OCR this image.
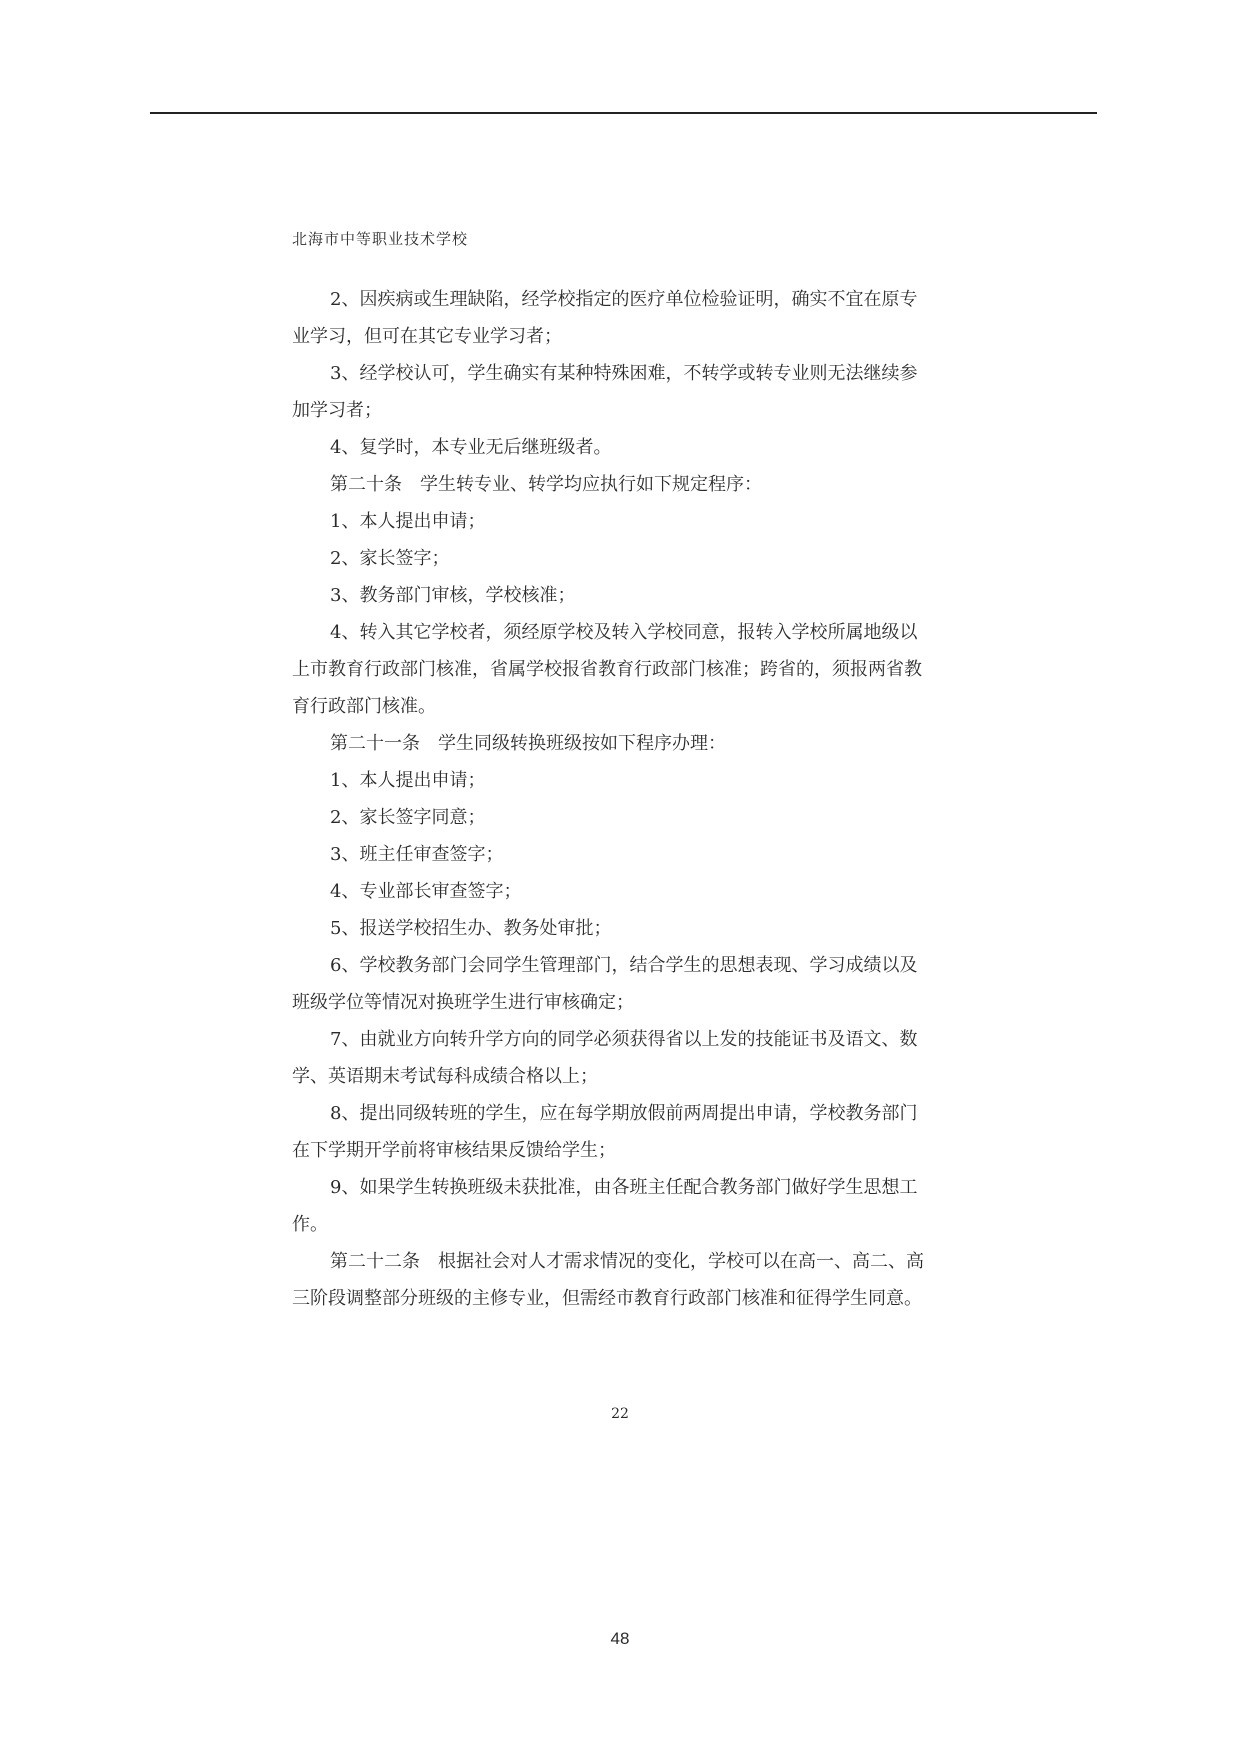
北海市中等职业技术学校

2、因疾病或生理缺陷，经学校指定的医疗单位检验证明，确实不宜在原专

业学习，但可在其它专业学习者；

3、经学校认可，学生确实有某种特殊困难，不转学或转专业则无法继续参

加学习者；

4、复学时，本专业无后继班级者。

第二十条　学生转专业、转学均应执行如下规定程序：

1、本人提出申请；

2、家长签字；

3、教务部门审核，学校核准；

4、转入其它学校者，须经原学校及转入学校同意，报转入学校所属地级以

上市教育行政部门核准，省属学校报省教育行政部门核准；跨省的，须报两省教

育行政部门核准。

第二十一条　学生同级转换班级按如下程序办理：

1、本人提出申请；

2、家长签字同意；

3、班主任审查签字；

4、专业部长审查签字；

5、报送学校招生办、教务处审批；

6、学校教务部门会同学生管理部门，结合学生的思想表现、学习成绩以及

班级学位等情况对换班学生进行审核确定；

7、由就业方向转升学方向的同学必须获得省以上发的技能证书及语文、数

学、英语期末考试每科成绩合格以上；

8、提出同级转班的学生，应在每学期放假前两周提出申请，学校教务部门

在下学期开学前将审核结果反馈给学生；

9、如果学生转换班级未获批准，由各班主任配合教务部门做好学生思想工

作。

第二十二条　根据社会对人才需求情况的变化，学校可以在高一、高二、高

三阶段调整部分班级的主修专业，但需经市教育行政部门核准和征得学生同意。

22
48
